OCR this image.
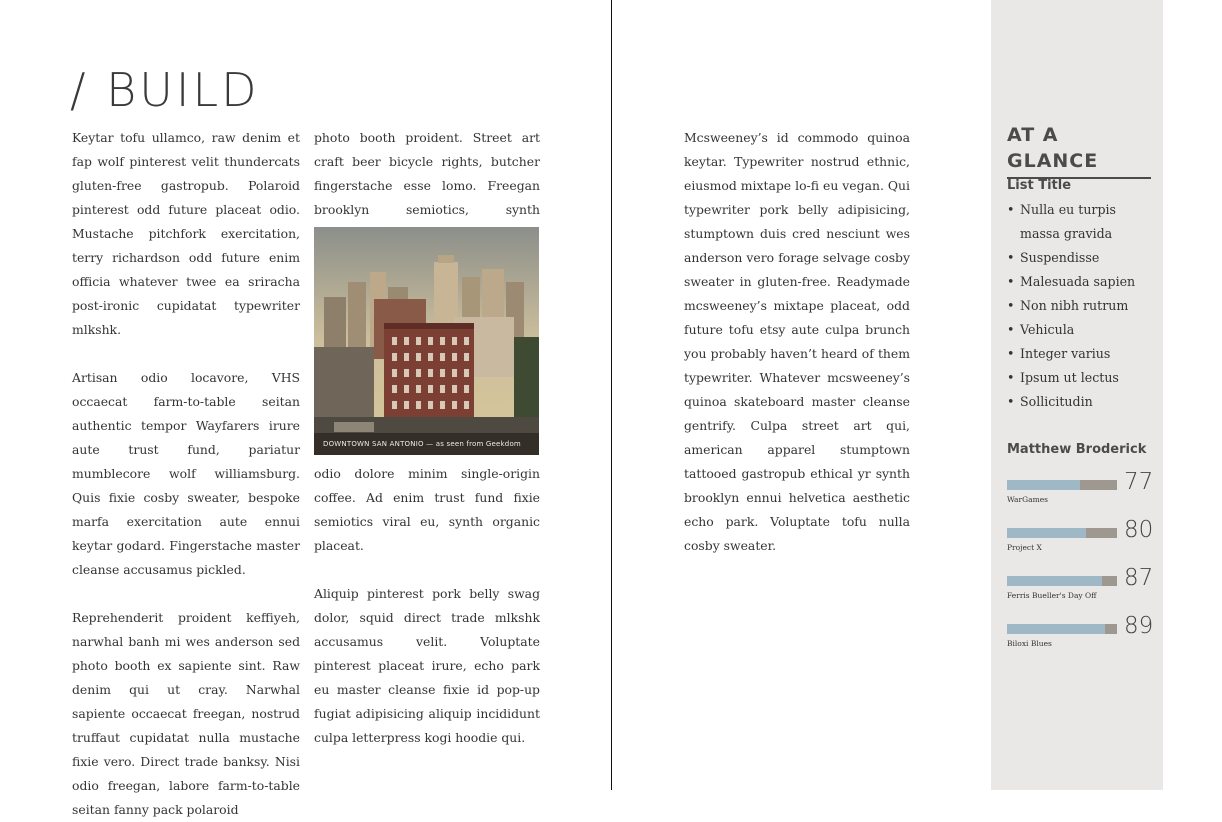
/ BUILD

Keytar tofu ullamco, raw denim et fap wolf pinterest velit thundercats gluten-free gastropub. Polaroid pinterest odd future placeat odio. Mustache pitchfork exercitation, terry richardson odd future enim officia whatever twee ea sriracha post-ironic cupidatat typewriter mlkshk.

Artisan odio locavore, VHS occaecat farm-to-table seitan authentic tempor Wayfarers irure aute trust fund, pariatur mumblecore wolf williamsburg. Quis fixie cosby sweater, bespoke marfa exercitation aute ennui keytar godard. Fingerstache master cleanse accusamus pickled.

Reprehenderit proident keffiyeh, narwhal banh mi wes anderson sed photo booth ex sapiente sint. Raw denim qui ut cray. Narwhal sapiente occaecat freegan, nostrud truffaut cupidatat nulla mustache fixie vero. Direct trade banksy. Nisi odio freegan, labore farm-to-table seitan fanny pack polaroid

photo booth proident. Street art craft beer bicycle rights, butcher fingerstache esse lomo. Freegan brooklyn semiotics, synth

DOWNTOWN SAN ANTONIO — as seen from Geekdom

odio dolore minim single-origin coffee. Ad enim trust fund fixie semiotics viral eu, synth organic placeat.

Aliquip pinterest pork belly swag dolor, squid direct trade mlkshk accusamus velit. Voluptate pinterest placeat irure, echo park eu master cleanse fixie id pop-up fugiat adipisicing aliquip incididunt culpa letterpress kogi hoodie qui.

Mcsweeney’s id commodo quinoa keytar. Typewriter nostrud ethnic, eiusmod mixtape lo-fi eu vegan. Qui typewriter pork belly adipisicing, stumptown duis cred nesciunt wes anderson vero forage selvage cosby sweater in gluten-free. Readymade mcsweeney’s mixtape placeat, odd future tofu etsy aute culpa brunch you probably haven’t heard of them typewriter. Whatever mcsweeney’s quinoa skateboard master cleanse gentrify. Culpa street art qui, american apparel stumptown tattooed gastropub ethical yr synth brooklyn ennui helvetica aesthetic echo park. Voluptate tofu nulla cosby sweater.

AT A GLANCE
List Title
• Nulla eu turpis massa gravida
• Suspendisse
• Malesuada sapien
• Non nibh rutrum
• Vehicula
• Integer varius
• Ipsum ut lectus
• Sollicitudin
Matthew Broderick
77
WarGames
80
Project X
87
Ferris Bueller's Day Off
89
Biloxi Blues
